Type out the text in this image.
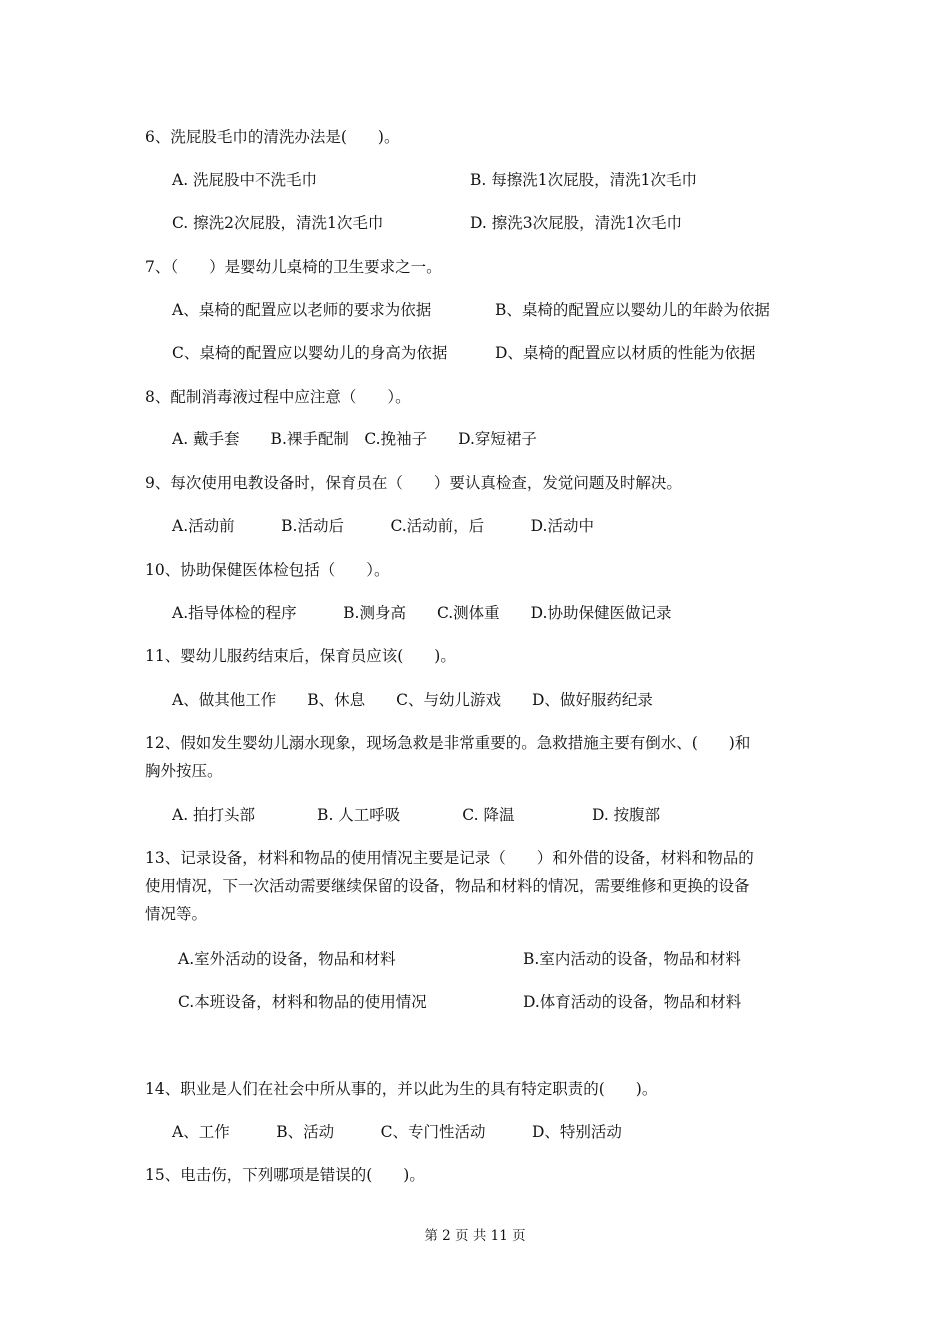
6、洗屁股毛巾的清洗办法是(　　)。
A. 洗屁股中不洗毛巾	B. 每擦洗1次屁股，清洗1次毛巾
C. 擦洗2次屁股，清洗1次毛巾	D. 擦洗3次屁股，清洗1次毛巾
7、（　　）是婴幼儿桌椅的卫生要求之一。
A、桌椅的配置应以老师的要求为依据	B、桌椅的配置应以婴幼儿的年龄为依据
C、桌椅的配置应以婴幼儿的身高为依据	D、桌椅的配置应以材质的性能为依据
8、配制消毒液过程中应注意（　　）。
A. 戴手套　　B.裸手配制　C.挽袖子　　D.穿短裙子
9、每次使用电教设备时，保育员在（　　）要认真检查，发觉问题及时解决。
A.活动前　　　B.活动后　　　C.活动前，后　　　D.活动中
10、协助保健医体检包括（　　）。
A.指导体检的程序　　　B.测身高　　C.测体重　　D.协助保健医做记录
11、婴幼儿服药结束后，保育员应该(　　)。
A、做其他工作　　B、休息　　C、与幼儿游戏　　D、做好服药纪录
12、假如发生婴幼儿溺水现象，现场急救是非常重要的。急救措施主要有倒水、(　　)和
胸外按压。
A. 拍打头部　　　　B. 人工呼吸　　　　C. 降温　　　　　D. 按腹部
13、记录设备，材料和物品的使用情况主要是记录（　　）和外借的设备，材料和物品的
使用情况，下一次活动需要继续保留的设备，物品和材料的情况，需要维修和更换的设备
情况等。
A.室外活动的设备，物品和材料	B.室内活动的设备，物品和材料
C.本班设备，材料和物品的使用情况	D.体育活动的设备，物品和材料
14、职业是人们在社会中所从事的，并以此为生的具有特定职责的(　　)。
A、工作　　　B、活动　　　C、专门性活动　　　D、特别活动
15、电击伤，下列哪项是错误的(　　)。
第 2 页 共 11 页
